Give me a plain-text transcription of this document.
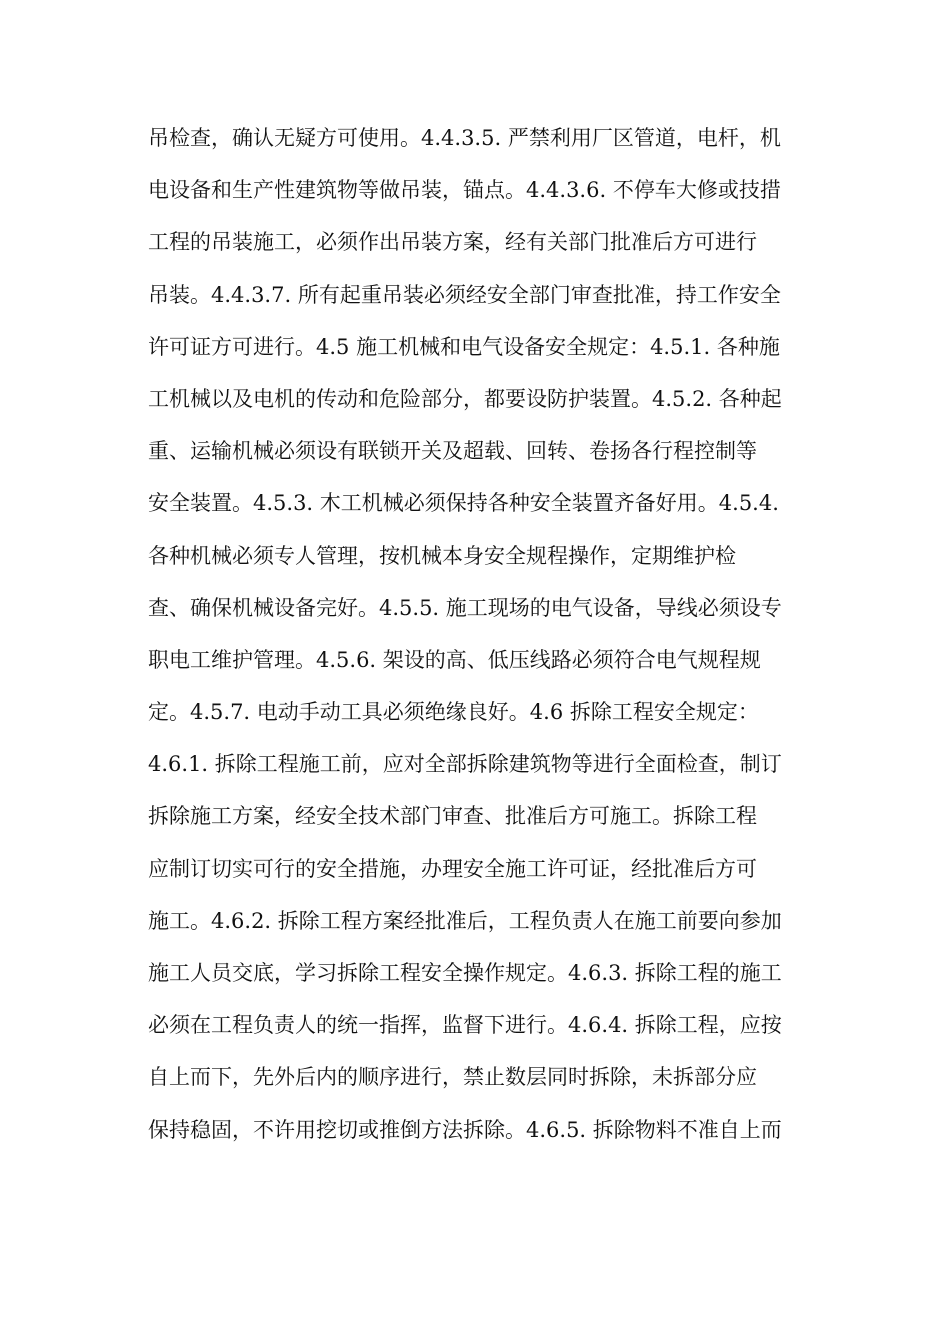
吊检查，确认无疑方可使用。4.4.3.5. 严禁利用厂区管道，电杆，机
电设备和生产性建筑物等做吊装，锚点。4.4.3.6. 不停车大修或技措
工程的吊装施工，必须作出吊装方案，经有关部门批准后方可进行
吊装。4.4.3.7. 所有起重吊装必须经安全部门审查批准，持工作安全
许可证方可进行。4.5 施工机械和电气设备安全规定：4.5.1. 各种施
工机械以及电机的传动和危险部分，都要设防护装置。4.5.2. 各种起
重、运输机械必须设有联锁开关及超载、回转、卷扬各行程控制等
安全装置。4.5.3. 木工机械必须保持各种安全装置齐备好用。4.5.4.
各种机械必须专人管理，按机械本身安全规程操作，定期维护检
查、确保机械设备完好。4.5.5. 施工现场的电气设备，导线必须设专
职电工维护管理。4.5.6. 架设的高、低压线路必须符合电气规程规
定。4.5.7. 电动手动工具必须绝缘良好。4.6 拆除工程安全规定：
4.6.1. 拆除工程施工前，应对全部拆除建筑物等进行全面检查，制订
拆除施工方案，经安全技术部门审查、批准后方可施工。拆除工程
应制订切实可行的安全措施，办理安全施工许可证，经批准后方可
施工。4.6.2. 拆除工程方案经批准后，工程负责人在施工前要向参加
施工人员交底，学习拆除工程安全操作规定。4.6.3. 拆除工程的施工
必须在工程负责人的统一指挥，监督下进行。4.6.4. 拆除工程，应按
自上而下，先外后内的顺序进行，禁止数层同时拆除，未拆部分应
保持稳固，不许用挖切或推倒方法拆除。4.6.5. 拆除物料不准自上而
